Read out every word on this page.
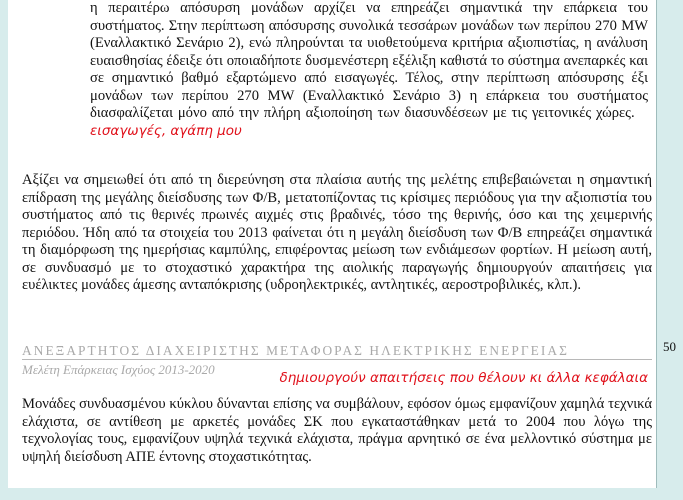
η περαιτέρω απόσυρση μονάδων αρχίζει να επηρεάζει σημαντικά την επάρκεια του συστήματος. Στην περίπτωση απόσυρσης συνολικά τεσσάρων μονάδων των περίπου 270 MW (Εναλλακτικό Σενάριο 2), ενώ πληρούνται τα υιοθετούμενα κριτήρια αξιοπιστίας, η ανάλυση ευαισθησίας έδειξε ότι οποιαδήποτε δυσμενέστερη εξέλιξη καθιστά το σύστημα ανεπαρκές και σε σημαντικό βαθμό εξαρτώμενο από εισαγωγές. Τέλος, στην περίπτωση απόσυρσης έξι μονάδων των περίπου 270 MW (Εναλλακτικό Σενάριο 3) η επάρκεια του συστήματος διασφαλίζεται μόνο από την πλήρη αξιοποίηση των διασυνδέσεων με τις γειτονικές χώρες.    εισαγωγές, αγάπη μου
Αξίζει να σημειωθεί ότι από τη διερεύνηση στα πλαίσια αυτής της μελέτης επιβεβαιώνεται η σημαντική επίδραση της μεγάλης διείσδυσης των Φ/Β, μετατοπίζοντας τις κρίσιμες περιόδους για την αξιοπιστία του συστήματος από τις θερινές πρωινές αιχμές στις βραδινές, τόσο της θερινής, όσο και της χειμερινής περιόδου. Ήδη από τα στοιχεία του 2013 φαίνεται ότι η μεγάλη διείσδυση των Φ/Β επηρεάζει σημαντικά τη διαμόρφωση της ημερήσιας καμπύλης, επιφέροντας μείωση των ενδιάμεσων φορτίων. Η μείωση αυτή, σε συνδυασμό με το στοχαστικό χαρακτήρα της αιολικής παραγωγής δημιουργούν απαιτήσεις για ευέλικτες μονάδες άμεσης ανταπόκρισης (υδροηλεκτρικές, αντλητικές, αεροστροβιλικές, κλπ.).
ΑΝΕΞΑΡΤΗΤΟΣ ΔΙΑΧΕΙΡΙΣΤΗΣ ΜΕΤΑΦΟΡΑΣ ΗΛΕΚΤΡΙΚΗΣ ΕΝΕΡΓΕΙΑΣ
Μελέτη Επάρκειας Ισχύος 2013-2020
δημιουργούν απαιτήσεις που θέλουν κι άλλα κεφάλαια
Μονάδες συνδυασμένου κύκλου δύνανται επίσης να συμβάλουν, εφόσον όμως εμφανίζουν χαμηλά τεχνικά ελάχιστα, σε αντίθεση με αρκετές μονάδες ΣΚ που εγκαταστάθηκαν μετά το 2004 που λόγω της τεχνολογίας τους, εμφανίζουν υψηλά τεχνικά ελάχιστα, πράγμα αρνητικό σε ένα μελλοντικό σύστημα με υψηλή διείσδυση ΑΠΕ έντονης στοχαστικότητας.
50
